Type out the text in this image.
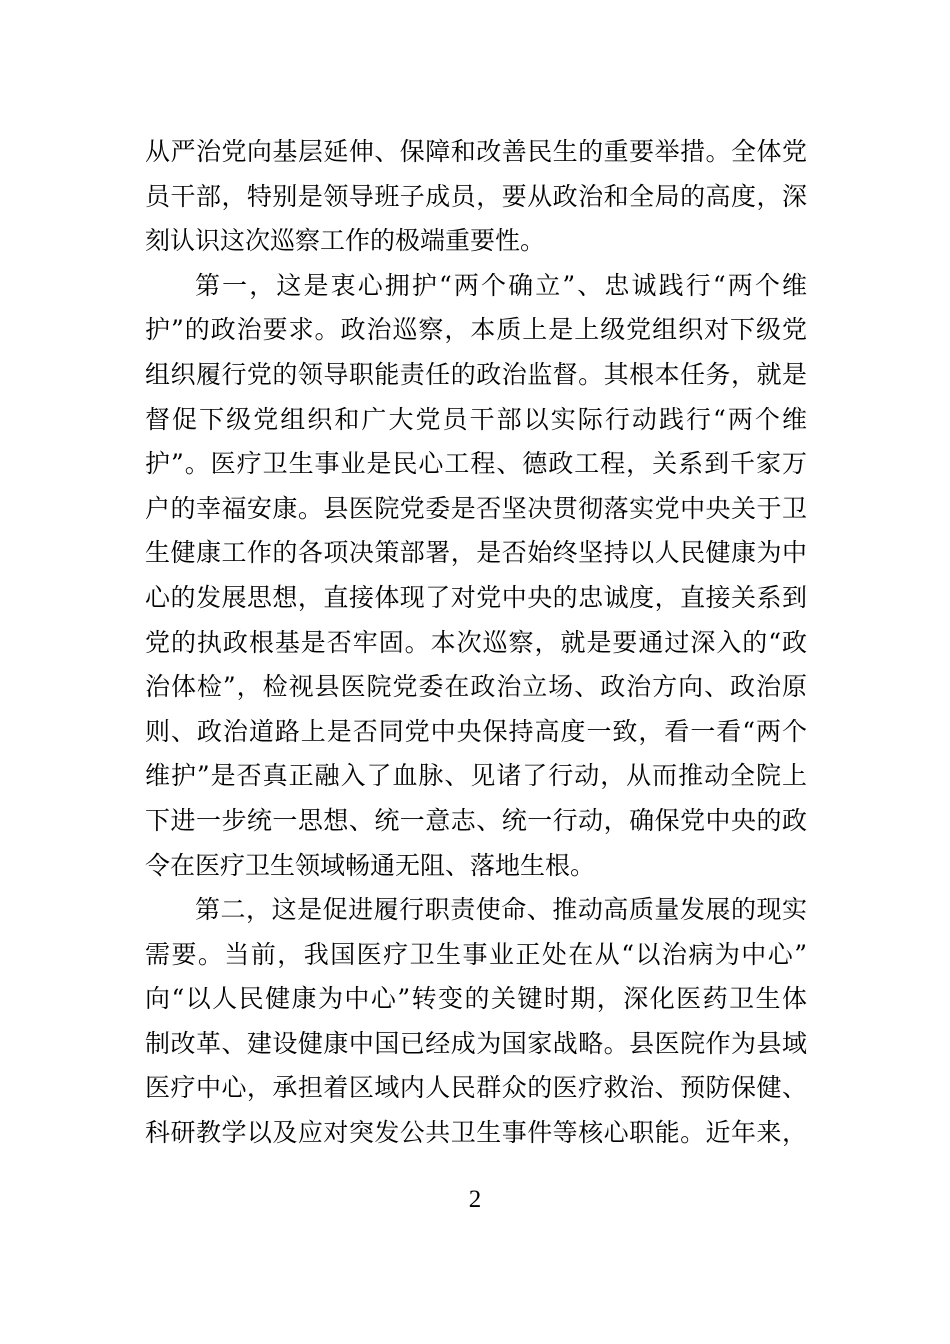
从严治党向基层延伸、保障和改善民生的重要举措。全体党
员干部，特别是领导班子成员，要从政治和全局的高度，深
刻认识这次巡察工作的极端重要性。
第一，这是衷心拥护“两个确立”、忠诚践行“两个维
护”的政治要求。政治巡察，本质上是上级党组织对下级党
组织履行党的领导职能责任的政治监督。其根本任务，就是
督促下级党组织和广大党员干部以实际行动践行“两个维
护”。医疗卫生事业是民心工程、德政工程，关系到千家万
户的幸福安康。县医院党委是否坚决贯彻落实党中央关于卫
生健康工作的各项决策部署，是否始终坚持以人民健康为中
心的发展思想，直接体现了对党中央的忠诚度，直接关系到
党的执政根基是否牢固。本次巡察，就是要通过深入的“政
治体检”，检视县医院党委在政治立场、政治方向、政治原
则、政治道路上是否同党中央保持高度一致，看一看“两个
维护”是否真正融入了血脉、见诸了行动，从而推动全院上
下进一步统一思想、统一意志、统一行动，确保党中央的政
令在医疗卫生领域畅通无阻、落地生根。
第二，这是促进履行职责使命、推动高质量发展的现实
需要。当前，我国医疗卫生事业正处在从“以治病为中心”
向“以人民健康为中心”转变的关键时期，深化医药卫生体
制改革、建设健康中国已经成为国家战略。县医院作为县域
医疗中心，承担着区域内人民群众的医疗救治、预防保健、
科研教学以及应对突发公共卫生事件等核心职能。近年来，
2
